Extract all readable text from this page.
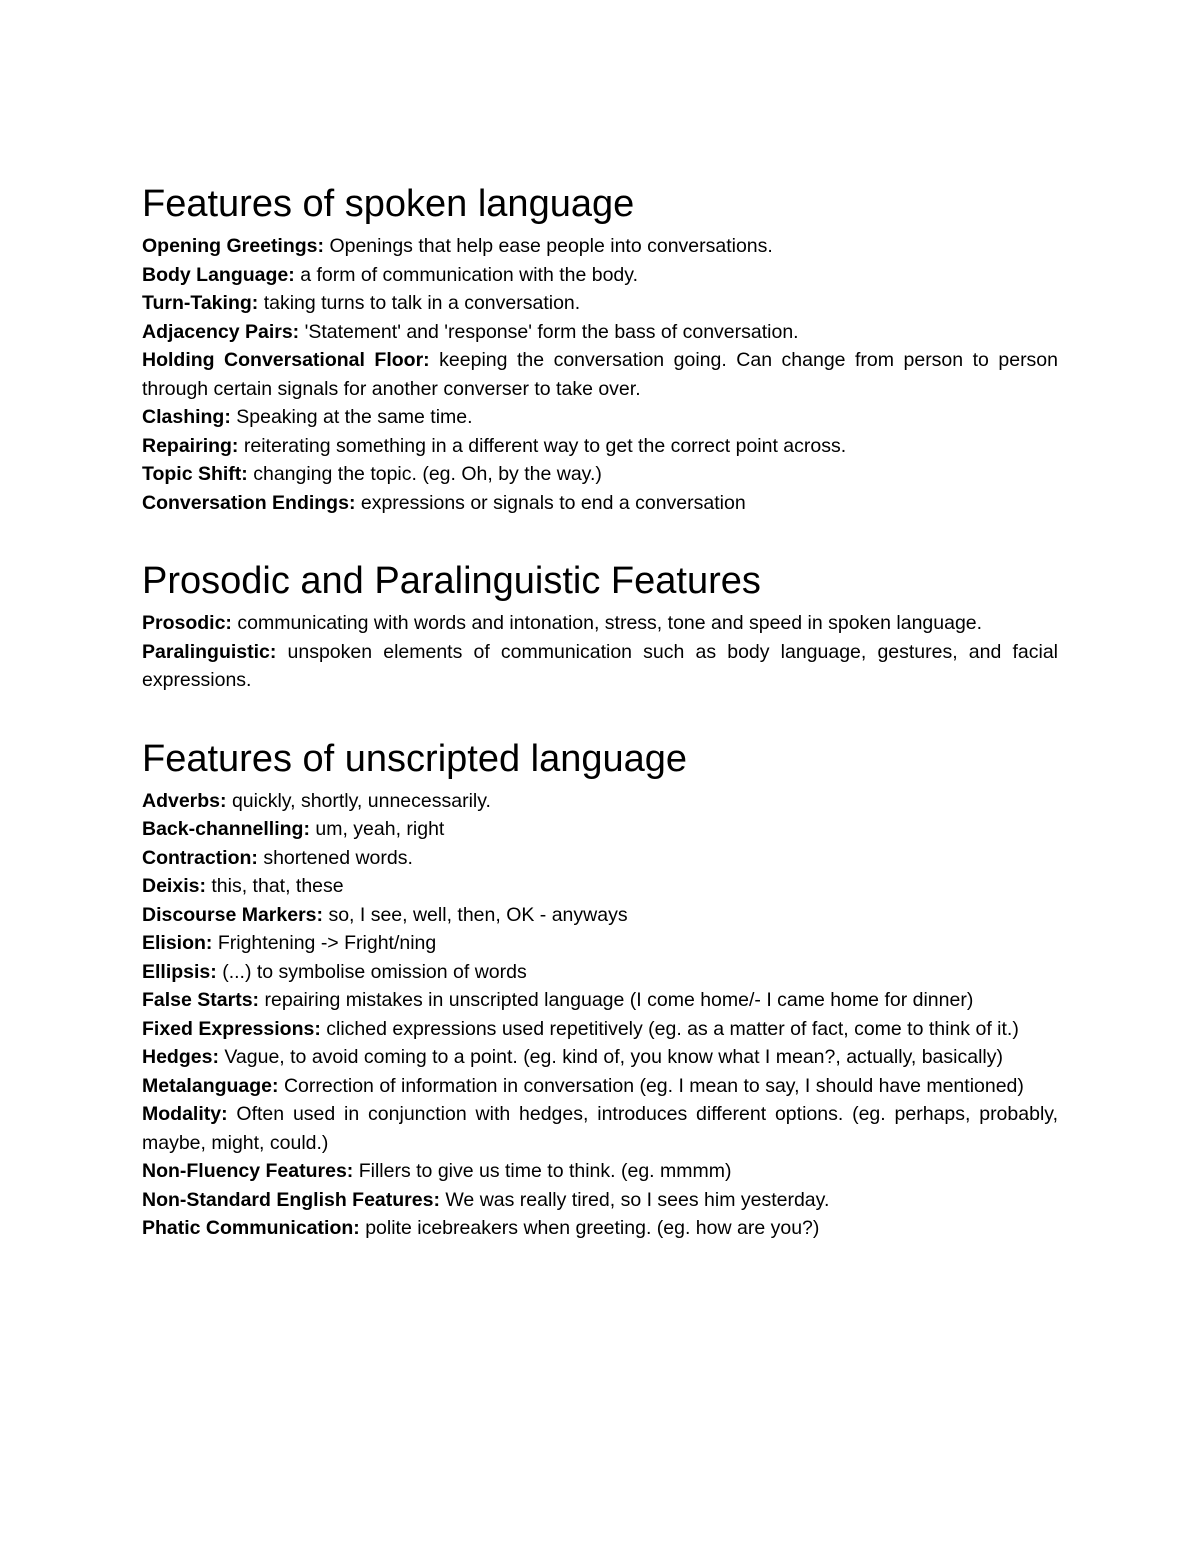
Features of spoken language

Opening Greetings: Openings that help ease people into conversations.

Body Language: a form of communication with the body.

Turn-Taking: taking turns to talk in a conversation.

Adjacency Pairs: 'Statement' and 'response' form the bass of conversation.

Holding Conversational Floor: keeping the conversation going. Can change from person to person through certain signals for another converser to take over.

Clashing: Speaking at the same time.

Repairing: reiterating something in a different way to get the correct point across.

Topic Shift: changing the topic. (eg. Oh, by the way.)

Conversation Endings: expressions or signals to end a conversation

Prosodic and Paralinguistic Features

Prosodic: communicating with words and intonation, stress, tone and speed in spoken language.

Paralinguistic: unspoken elements of communication such as body language, gestures, and facial expressions.

Features of unscripted language

Adverbs: quickly, shortly, unnecessarily.

Back-channelling: um, yeah, right

Contraction: shortened words.

Deixis: this, that, these

Discourse Markers: so, I see, well, then, OK - anyways

Elision: Frightening -> Fright/ning

Ellipsis: (...) to symbolise omission of words

False Starts: repairing mistakes in unscripted language (I come home/- I came home for dinner)

Fixed Expressions: cliched expressions used repetitively (eg. as a matter of fact, come to think of it.)

Hedges: Vague, to avoid coming to a point. (eg. kind of, you know what I mean?, actually, basically)

Metalanguage: Correction of information in conversation (eg. I mean to say, I should have mentioned)

Modality: Often used in conjunction with hedges, introduces different options. (eg. perhaps, probably, maybe, might, could.)

Non-Fluency Features: Fillers to give us time to think. (eg. mmmm)

Non-Standard English Features: We was really tired, so I sees him yesterday.

Phatic Communication: polite icebreakers when greeting. (eg. how are you?)
